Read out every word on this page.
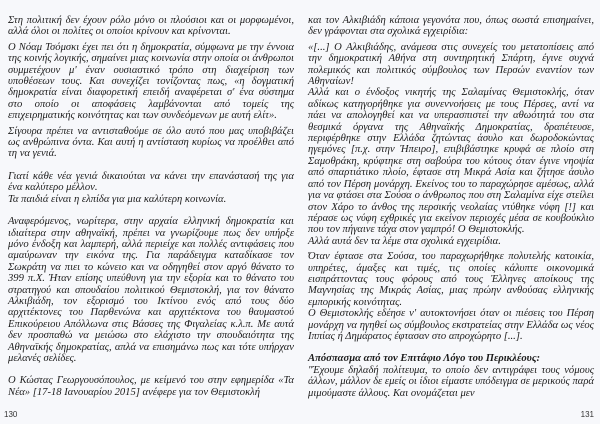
Στη πολιτική δεν έχουν ρόλο μόνο οι πλούσιοι και οι μορφωμένοι, αλλά όλοι οι πολίτες οι οποίοι κρίνουν και κρίνονται.

Ο Νόαμ Τσόμσκι έχει πει ότι η δημοκρατία, σύμφωνα με την έννοια της κοινής λογικής, σημαίνει μιας κοινωνία στην οποία οι άνθρωποι συμμετέχουν μ' έναν ουσιαστικό τρόπο στη διαχείριση των υποθέσεων τους. Και συνεχίζει τονίζοντας πως, «η δογματική δημοκρατία είναι διαφορετική επειδή αναφέρεται σ' ένα σύστημα στο οποίο οι αποφάσεις λαμβάνονται από τομείς της επιχειρηματικής κοινότητας και των συνδεόμενων με αυτή ελίτ».

Σίγουρα πρέπει να αντισταθούμε σε όλο αυτό που μας υποβιβάζει ως ανθρώπινα όντα. Και αυτή η αντίσταση κυρίως να προέλθει από τη να γενιά.

Γιατί κάθε νέα γενιά δικαιούται να κάνει την επανάστασή της για ένα καλύτερο μέλλον.

Τα παιδιά είναι η ελπίδα για μια καλύτερη κοινωνία.

Αναφερόμενος, νωρίτερα, στην αρχαία ελληνική δημοκρατία και ιδιαίτερα στην αθηναϊκή, πρέπει να γνωρίζουμε πως δεν υπήρξε μόνο ένδοξη και λαμπερή, αλλά περιείχε και πολλές αντιφάσεις που αμαύρωναν την εικόνα της. Για παράδειγμα καταδίκασε τον Σωκράτη να πιει το κώνειο και να οδηγηθεί στον αργό θάνατο το 399 π.Χ. Ήταν επίσης υπεύθυνη για την εξορία και το θάνατο του στρατηγού και σπουδαίου πολιτικού Θεμιστοκλή, για τον θάνατο Αλκιβιάδη, τον εξορισμό του Ικτίνου ενός από τους δύο αρχιτέκτονες του Παρθενώνα και αρχιτέκτονα του θαυμαστού Επικούρειου Απόλλωνα στις Βάσσες της Φιγαλείας κ.λ.π. Με αυτά δεν προσπαθώ να μειώσω στο ελάχιστο την σπουδαιότητα της Αθηναϊκής δημοκρατίας, απλά να επισημάνω πως και τότε υπήρχαν μελανές σελίδες.

Ο Κώστας Γεωργουσόπουλος, με κείμενό του στην εφημερίδα «Τα Νέα» [17-18 Ιανουαρίου 2015] ανέφερε για τον Θεμιστοκλή

130

και τον Αλκιβιάδη κάποια γεγονότα που, όπως σωστά επισημαίνει, δεν γράφονται στα σχολικά εγχειρίδια:

«[...] Ο Αλκιβιάδης, ανάμεσα στις συνεχείς του μετατοπίσεις από την δημοκρατική Αθήνα στη συντηρητική Σπάρτη, έγινε συχνά πολεμικός και πολιτικός σύμβουλος των Περσών εναντίον των Αθηναίων!

Αλλά και ο ένδοξος νικητής της Σαλαμίνας Θεμιστοκλής, όταν αδίκως κατηγορήθηκε για συνεννοήσεις με τους Πέρσες, αντί να πάει να απολογηθεί και να υπερασπιστεί την αθωότητά του στα θεσμικά όργανα της Αθηναϊκής Δημοκρατίας, δραπέτευσε, περιφέρθηκε στην Ελλάδα ζητώντας άσυλο και δωροδοκώντας ηγεμόνες [π.χ. στην Ήπειρο], επιβιβάστηκε κρυφά σε πλοίο στη Σαμοθράκη, κρύφτηκε στη σαβούρα του κύτους όταν έγινε νηοψία από σπαρτιάτικο πλοίο, έφτασε στη Μικρά Ασία και ζήτησε άσυλο από τον Πέρση μονάρχη. Εκείνος του το παραχώρησε αμέσως, αλλά για να φτάσει στα Σούσα ο άνθρωπος που στη Σαλαμίνα είχε στείλει στον Χάρο το άνθος της περσικής νεολαίας ντύθηκε νύφη [!] και πέρασε ως νύφη εχθρικές για εκείνον περιοχές μέσα σε κουβούκλιο που τον πήγαινε τάχα στον γαμπρό! Ο Θεμιστοκλής.

Αλλά αυτά δεν τα λέμε στα σχολικά εγχειρίδια.

Όταν έφτασε στα Σούσα, του παραχωρήθηκε πολυτελής κατοικία, υπηρέτες, άμαξες και τιμές, τις οποίες κάλυπτε οικονομικά εισπράττοντας τους φόρους από τους Έλληνες αποίκους της Μαγνησίας της Μικράς Ασίας, μιας πρώην ανθούσας ελληνικής εμπορικής κοινότητας.

Ο Θεμιστοκλής εδέησε ν' αυτοκτονήσει όταν οι πιέσεις του Πέρση μονάρχη να ηγηθεί ως σύμβουλος εκστρατείας στην Ελλάδα ως νέος Ιππίας ή Δημάρατος έφτασαν στο απροχώρητο [...].

Απόσπασμα από τον Επιτάφιο Λόγο του Περικλέους:

"Έχουμε δηλαδή πολίτευμα, το οποίο δεν αντιγράφει τους νόμους άλλων, μάλλον δε εμείς οι ίδιοι είμαστε υπόδειγμα σε μερικούς παρά μιμούμαστε άλλους. Και ονομάζεται μεν

131
